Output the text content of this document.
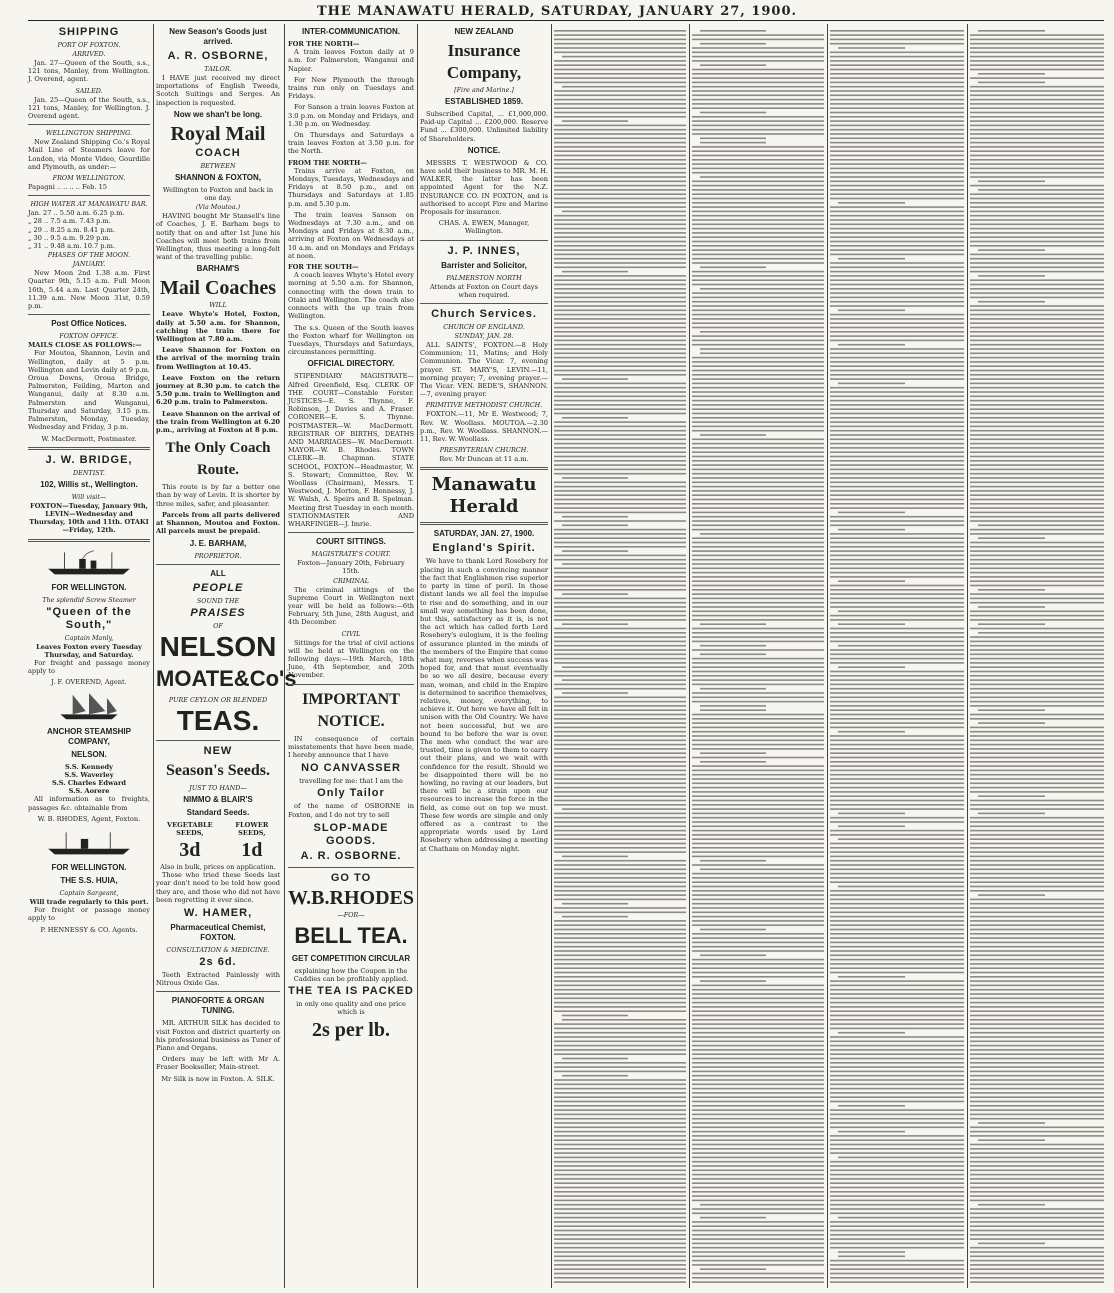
THE MANAWATU HERALD, SATURDAY, JANUARY 27, 1900.
SHIPPING
PORT OF FOXTON.
ARRIVED.

Jan. 27—Queen of the South, s.s., 121 tons, Manley, from Wellington. J. Overend, agent.

SAILED.

Jan. 25—Queen of the South, s.s., 121 tons, Manley, for Wellington. J. Overend agent.

WELLINGTON SHIPPING.

New Zealand Shipping Co.'s Royal Mail Line of Steamers leave for London, via Monte Video, Gourdille and Plymouth, as under:—

FROM WELLINGTON.
Papagni .. .. .. .. Feb. 15
HIGH WATER AT MANAWATU BAR.
Jan. 27 .. 5.50 a.m. 6.25 p.m.
„ 28 .. 7.5 a.m. 7.43 p.m.
„ 29 .. 8.25 a.m. 8.41 p.m.
„ 30 .. 9.5 a.m. 9.29 p.m.
„ 31 .. 9.48 a.m. 10.7 p.m.
PHASES OF THE MOON.
JANUARY.

New Moon 2nd 1.38 a.m. First Quarter 9th, 5.15 a.m. Full Moon 16th, 5.44 a.m. Last Quarter 24th, 11.39 a.m. New Moon 31st, 0.59 p.m.

Post Office Notices.
FOXTON OFFICE.
MAILS CLOSE AS FOLLOWS:—

For Moutoa, Shannon, Levin and Wellington, daily at 5 p.m. Wellington and Levin daily at 9 p.m. Oroua Downs, Oroua Bridge, Palmerston, Feilding, Marton and Wanganui, daily at 8.30 a.m. Palmerston and Wanganui, Thursday and Saturday, 3.15 p.m. Palmerston, Monday, Tuesday, Wednesday and Friday, 3 p.m.

W. MacDermott, Postmaster.
J. W. BRIDGE,
DENTIST.
102, Willis st., Wellington.
Will visit—
FOXTON—Tuesday, January 9th, LEVIN—Wednesday and Thursday, 10th and 11th. OTAKI—Friday, 12th.
FOR WELLINGTON.
The splendid Screw Steamer
"Queen of the South,"
Captain Manly,
Leaves Foxton every Tuesday Thursday, and Saturday.

For freight and passage money apply to

J. F. OVEREND, Agent.
ANCHOR STEAMSHIP COMPANY,
NELSON.
S.S. Kennedy
S.S. Waverley
S.S. Charles Edward
S.S. Aorere

All information as to freights, passages &c. obtainable from

W. B. RHODES, Agent, Foxton.
FOR WELLINGTON.
THE S.S. HUIA,
Captain Sargeant,
Will trade regularly to this port.

For freight or passage money apply to

P. HENNESSY & CO. Agents.
New Season's Goods just arrived.
A. R. OSBORNE,
TAILOR.

I HAVE just received my direct importations of English Tweeds, Scotch Suitings and Serges. An inspection is requested.

Now we shan't be long.
Royal Mail
COACH
BETWEEN
SHANNON & FOXTON,
Wellington to Foxton and back in one day.
(Via Moutoa.)

HAVING bought Mr Stansell's line of Coaches, J. E. Barham begs to notify that on and after 1st June his Coaches will meet both trains from Wellington, thus meeting a long-felt want of the travelling public.

BARHAM'S
Mail Coaches
WILL

Leave Whyte's Hotel, Foxton, daily at 5.50 a.m. for Shannon, catching the train there for Wellington at 7.80 a.m.

Leave Shannon for Foxton on the arrival of the morning train from Wellington at 10.45.

Leave Foxton on the return journey at 8.30 p.m. to catch the 5.50 p.m. train to Wellington and 6.20 p.m. train to Palmerston.

Leave Shannon on the arrival of the train from Wellington at 6.20 p.m., arriving at Foxton at 8 p.m.

The Only Coach Route.

This route is by far a better one than by way of Levin. It is shorter by three miles, safer, and pleasanter.

Parcels from all parts delivered at Shannon, Moutoa and Foxton. All parcels must be prepaid.

J. E. BARHAM,
PROPRIETOR.
ALL
PEOPLE
SOUND THE
PRAISES
OF
NELSON
MOATE&Co's
PURE CEYLON OR BLENDED
TEAS.
NEW
Season's Seeds.
JUST TO HAND—
NIMMO & BLAIR'S
Standard Seeds.
VEGETABLE SEEDS,
3d
FLOWER SEEDS,
1d
Also in bulk, prices on application.

Those who tried these Seeds last year don't need to be told how good they are, and those who did not have been regretting it ever since.

W. HAMER,
Pharmaceutical Chemist, FOXTON.
CONSULTATION & MEDICINE.
2s 6d.

Teeth Extracted Painlessly with Nitrous Oxide Gas.

PIANOFORTE & ORGAN TUNING.

MR. ARTHUR SILK has decided to visit Foxton and district quarterly on his professional business as Tuner of Piano and Organs.

Orders may be left with Mr A. Fraser Bookseller, Main-street.

Mr Silk is now in Foxton. A. SILK.
INTER-COMMUNICATION.
FOR THE NORTH—

A train leaves Foxton daily at 9 a.m. for Palmerston, Wanganui and Napier.

For New Plymouth the through trains run only on Tuesdays and Fridays.

For Sanson a train leaves Foxton at 3.0 p.m. on Monday and Fridays, and 1.30 p.m. on Wednesday.

On Thursdays and Saturdays a train leaves Foxton at 3.50 p.m. for the North.

FROM THE NORTH—

Trains arrive at Foxton, on Mondays, Tuesdays, Wednesdays and Fridays at 8.50 p.m., and on Thursdays and Saturdays at 1.85 p.m. and 5.30 p.m.

The train leaves Sanson on Wednesdays at 7.30 a.m., and on Mondays and Fridays at 8.30 a.m., arriving at Foxton on Wednesdays at 10 a.m. and on Mondays and Fridays at noon.

FOR THE SOUTH—

A coach leaves Whyte's Hotel every morning at 5.50 a.m. for Shannon, connecting with the down train to Otaki and Wellington. The coach also connects with the up train from Wellington.

The s.s. Queen of the South leaves the Foxton wharf for Wellington on Tuesdays, Thursdays and Saturdays, circumstances permitting.

OFFICIAL DIRECTORY.

STIPENDIARY MAGISTRATE—Alfred Greenfield, Esq. CLERK OF THE COURT—Constable Forster. JUSTICES—E. S. Thynne, F. Robinson, J. Davies and A. Fraser. CORONER—E. S. Thynne. POSTMASTER—W. MacDermott. REGISTRAR OF BIRTHS, DEATHS AND MARRIAGES—W. MacDermott. MAYOR—W. B. Rhodes. TOWN CLERK—B. Chapman. STATE SCHOOL, FOXTON—Headmaster, W. S. Stewart; Committee, Rev. W. Woollass (Chairman), Messrs. T. Westwood, J. Morton, F. Hennessy, J. W. Walsh, A. Speirs and B. Spelman. Meeting first Tuesday in each month. STATIONMASTER AND WHARFINGER—J. Imrie.

COURT SITTINGS.
MAGISTRATE'S COURT.
Foxton—January 20th, February 15th.
CRIMINAL

The criminal sittings of the Supreme Court in Wellington next year will be held as follows:—6th February, 5th June, 28th August, and 4th December.

CIVIL

Sittings for the trial of civil actions will be held at Wellington on the following days:—19th March, 18th June, 4th September, and 20th November.

IMPORTANT NOTICE.

IN consequence of certain misstatements that have been made, I hereby announce that I have

NO CANVASSER
travelling for me: that I am the
Only Tailor

of the name of OSBORNE in Foxton, and I do not try to sell

SLOP-MADE GOODS.
A. R. OSBORNE.
GO TO
W.B.RHODES
—FOR—
BELL TEA.
GET COMPETITION CIRCULAR
explaining how the Coupon in the Caddies can be profitably applied.
THE TEA IS PACKED
in only one quality and one price which is
2s per lb.
NEW ZEALAND
Insurance Company,
[Fire and Marine.]
ESTABLISHED 1859.

Subscribed Capital, ... £1,000,000. Paid-up Capital ... £200,000. Reserve Fund ... £300,000. Unlimited liability of Shareholders.

NOTICE.

MESSRS T. WESTWOOD & CO. have sold their business to MR. M. H. WALKER, the latter has been appointed Agent for the N.Z. INSURANCE CO. IN FOXTON, and is authorised to accept Fire and Marine Proposals for insurance.

CHAS. A. EWEN, Manager, Wellington.
J. P. INNES,
Barrister and Solicitor,
PALMERSTON NORTH
Attends at Foxton on Court days when required.
Church Services.
CHURCH OF ENGLAND.
SUNDAY, JAN. 28.

ALL SAINTS', FOXTON.—8 Holy Communion; 11, Matins; and Holy Communion. The Vicar. 7, evening prayer. ST. MARY'S, LEVIN.—11, morning prayer; 7, evening prayer.—The Vicar. VEN. BEDE'S, SHANNON.—7, evening prayer.

PRIMITIVE METHODIST CHURCH.

FOXTON.—11, Mr E. Westwood; 7, Rev. W. Woollass. MOUTOA.—2.30 p.m., Rev. W. Woollass. SHANNON.—11, Rev. W. Woollass.

PRESBYTERIAN CHURCH.
Rev. Mr Duncan at 11 a.m.
Manawatu Herald
SATURDAY, JAN. 27, 1900.
England's Spirit.

We have to thank Lord Rosebery for placing in such a convincing manner the fact that Englishmen rise superior to party in time of peril. In those distant lands we all feel the impulse to rise and do something, and in our small way something has been done, but this, satisfactory as it is, is not the act which has called forth Lord Rosebery's eulogium, it is the feeling of assurance planted in the minds of the members of the Empire that come what may, reverses when success was hoped for, and that must eventually be so we all desire, because every man, woman, and child in the Empire is determined to sacrifice themselves, relatives, money, everything, to achieve it. Out here we have all felt in unison with the Old Country. We have not been successful, but we are bound to be before the war is over. The men who conduct the war are trusted, time is given to them to carry out their plans, and we wait with confidence for the result. Should we be disappointed there will be no howling, no raving at our leaders, but there will be a strain upon our resources to increase the force in the field, as come out on top we must. These few words are simple and only offered as a contrast to the appropriate words used by Lord Rosebery when addressing a meeting at Chatham on Monday night.
